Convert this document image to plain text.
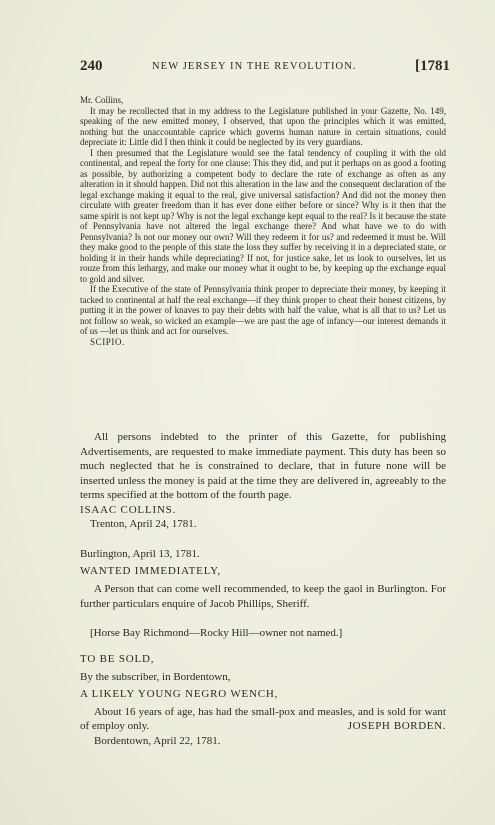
240	NEW JERSEY IN THE REVOLUTION.	[1781

Mr. Collins,

It may be recollected that in my address to the Legislature published in your Gazette, No. 149, speaking of the new emitted money, I observed, that upon the principles which it was emitted, nothing but the unaccountable caprice which governs human nature in certain situations, could depreciate it: Little did I then think it could be neglected by its very guardians.

I then presumed that the Legislature would see the fatal tendency of coupling it with the old continental, and repeal the forty for one clause: This they did, and put it perhaps on as good a footing as possible, by authorizing a competent body to declare the rate of exchange as often as any alteration in it should happen. Did not this alteration in the law and the consequent declaration of the legal exchange making it equal to the real, give universal satisfaction? And did not the money then circulate with greater freedom than it has ever done either before or since? Why is it then that the same spirit is not kept up? Why is not the legal exchange kept equal to the real? Is it because the state of Pennsylvania have not altered the legal exchange there? And what have we to do with Pennsylvania? Is not our money our own? Will they redeem it for us? and redeemed it must be. Will they make good to the people of this state the loss they suffer by receiving it in a depreciated state, or holding it in their hands while depreciating? If not, for justice sake, let us look to ourselves, let us rouze from this lethargy, and make our money what it ought to be, by keeping up the exchange equal to gold and silver.

If the Executive of the state of Pennsylvania think proper to depreciate their money, by keeping it tacked to continental at half the real exchange—if they think proper to cheat their honest citizens, by putting it in the power of knaves to pay their debts with half the value, what is all that to us? Let us not follow so weak, so wicked an example—we are past the age of infancy—our interest demands it of us —let us think and act for ourselves.

SCIPIO.

All persons indebted to the printer of this Gazette, for publishing Advertisements, are requested to make immediate payment. This duty has been so much neglected that he is constrained to declare, that in future none will be inserted unless the money is paid at the time they are delivered in, agreeably to the terms specified at the bottom of the fourth page.

ISAAC COLLINS.

Trenton, April 24, 1781.

Burlington, April 13, 1781.

WANTED IMMEDIATELY,

A Person that can come well recommended, to keep the gaol in Burlington. For further particulars enquire of Jacob Phillips, Sheriff.

[Horse Bay Richmond—Rocky Hill—owner not named.]

TO BE SOLD,

By the subscriber, in Bordentown,

A LIKELY YOUNG NEGRO WENCH,

About 16 years of age, has had the small-pox and measles, and is sold for want of employ only.	JOSEPH BORDEN.

Bordentown, April 22, 1781.
